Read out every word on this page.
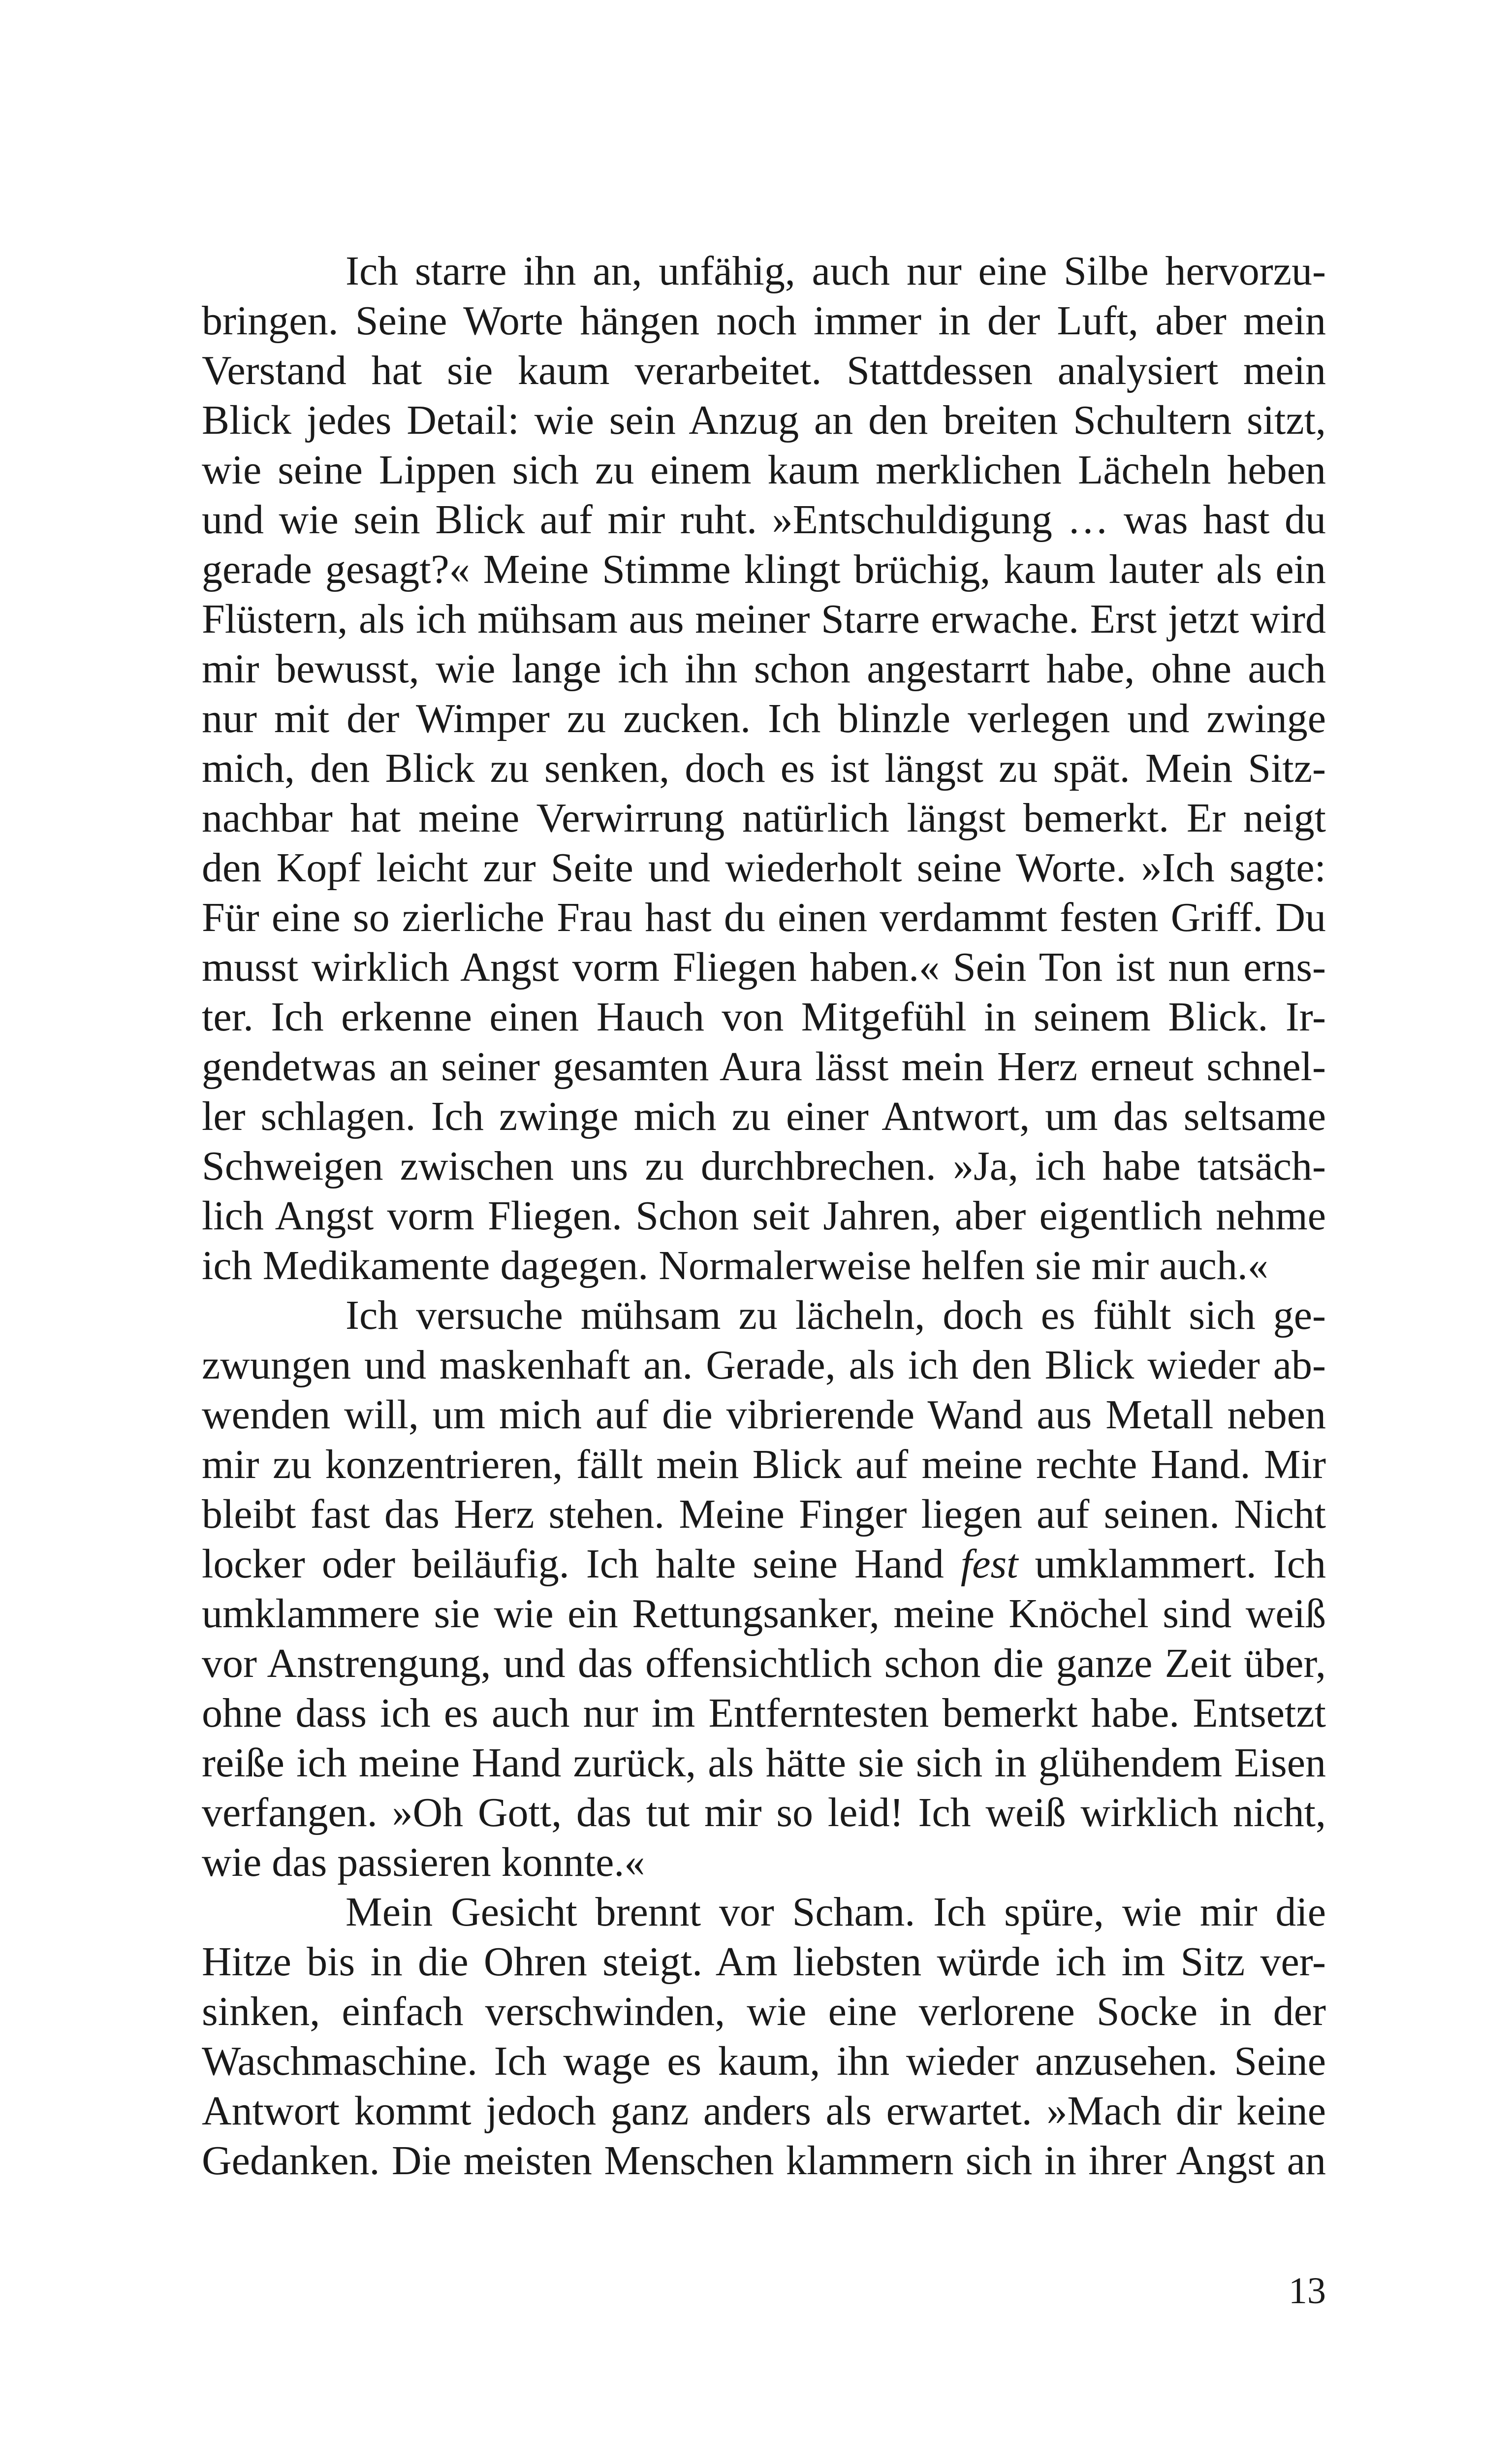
Ich starre ihn an, unfähig, auch nur eine Silbe hervorzu-
bringen. Seine Worte hängen noch immer in der Luft, aber mein
Verstand hat sie kaum verarbeitet. Stattdessen analysiert mein
Blick jedes Detail: wie sein Anzug an den breiten Schultern sitzt,
wie seine Lippen sich zu einem kaum merklichen Lächeln heben
und wie sein Blick auf mir ruht. »Entschuldigung … was hast du
gerade gesagt?« Meine Stimme klingt brüchig, kaum lauter als ein
Flüstern, als ich mühsam aus meiner Starre erwache. Erst jetzt wird
mir bewusst, wie lange ich ihn schon angestarrt habe, ohne auch
nur mit der Wimper zu zucken. Ich blinzle verlegen und zwinge
mich, den Blick zu senken, doch es ist längst zu spät. Mein Sitz-
nachbar hat meine Verwirrung natürlich längst bemerkt. Er neigt
den Kopf leicht zur Seite und wiederholt seine Worte. »Ich sagte:
Für eine so zierliche Frau hast du einen verdammt festen Griff. Du
musst wirklich Angst vorm Fliegen haben.« Sein Ton ist nun erns-
ter. Ich erkenne einen Hauch von Mitgefühl in seinem Blick. Ir-
gendetwas an seiner gesamten Aura lässt mein Herz erneut schnel-
ler schlagen. Ich zwinge mich zu einer Antwort, um das seltsame
Schweigen zwischen uns zu durchbrechen. »Ja, ich habe tatsäch-
lich Angst vorm Fliegen. Schon seit Jahren, aber eigentlich nehme
ich Medikamente dagegen. Normalerweise helfen sie mir auch.«
Ich versuche mühsam zu lächeln, doch es fühlt sich ge-
zwungen und maskenhaft an. Gerade, als ich den Blick wieder ab-
wenden will, um mich auf die vibrierende Wand aus Metall neben
mir zu konzentrieren, fällt mein Blick auf meine rechte Hand. Mir
bleibt fast das Herz stehen. Meine Finger liegen auf seinen. Nicht
locker oder beiläufig. Ich halte seine Hand fest umklammert. Ich
umklammere sie wie ein Rettungsanker, meine Knöchel sind weiß
vor Anstrengung, und das offensichtlich schon die ganze Zeit über,
ohne dass ich es auch nur im Entferntesten bemerkt habe. Entsetzt
reiße ich meine Hand zurück, als hätte sie sich in glühendem Eisen
verfangen. »Oh Gott, das tut mir so leid! Ich weiß wirklich nicht,
wie das passieren konnte.«
Mein Gesicht brennt vor Scham. Ich spüre, wie mir die
Hitze bis in die Ohren steigt. Am liebsten würde ich im Sitz ver-
sinken, einfach verschwinden, wie eine verlorene Socke in der
Waschmaschine. Ich wage es kaum, ihn wieder anzusehen. Seine
Antwort kommt jedoch ganz anders als erwartet. »Mach dir keine
Gedanken. Die meisten Menschen klammern sich in ihrer Angst an
13
